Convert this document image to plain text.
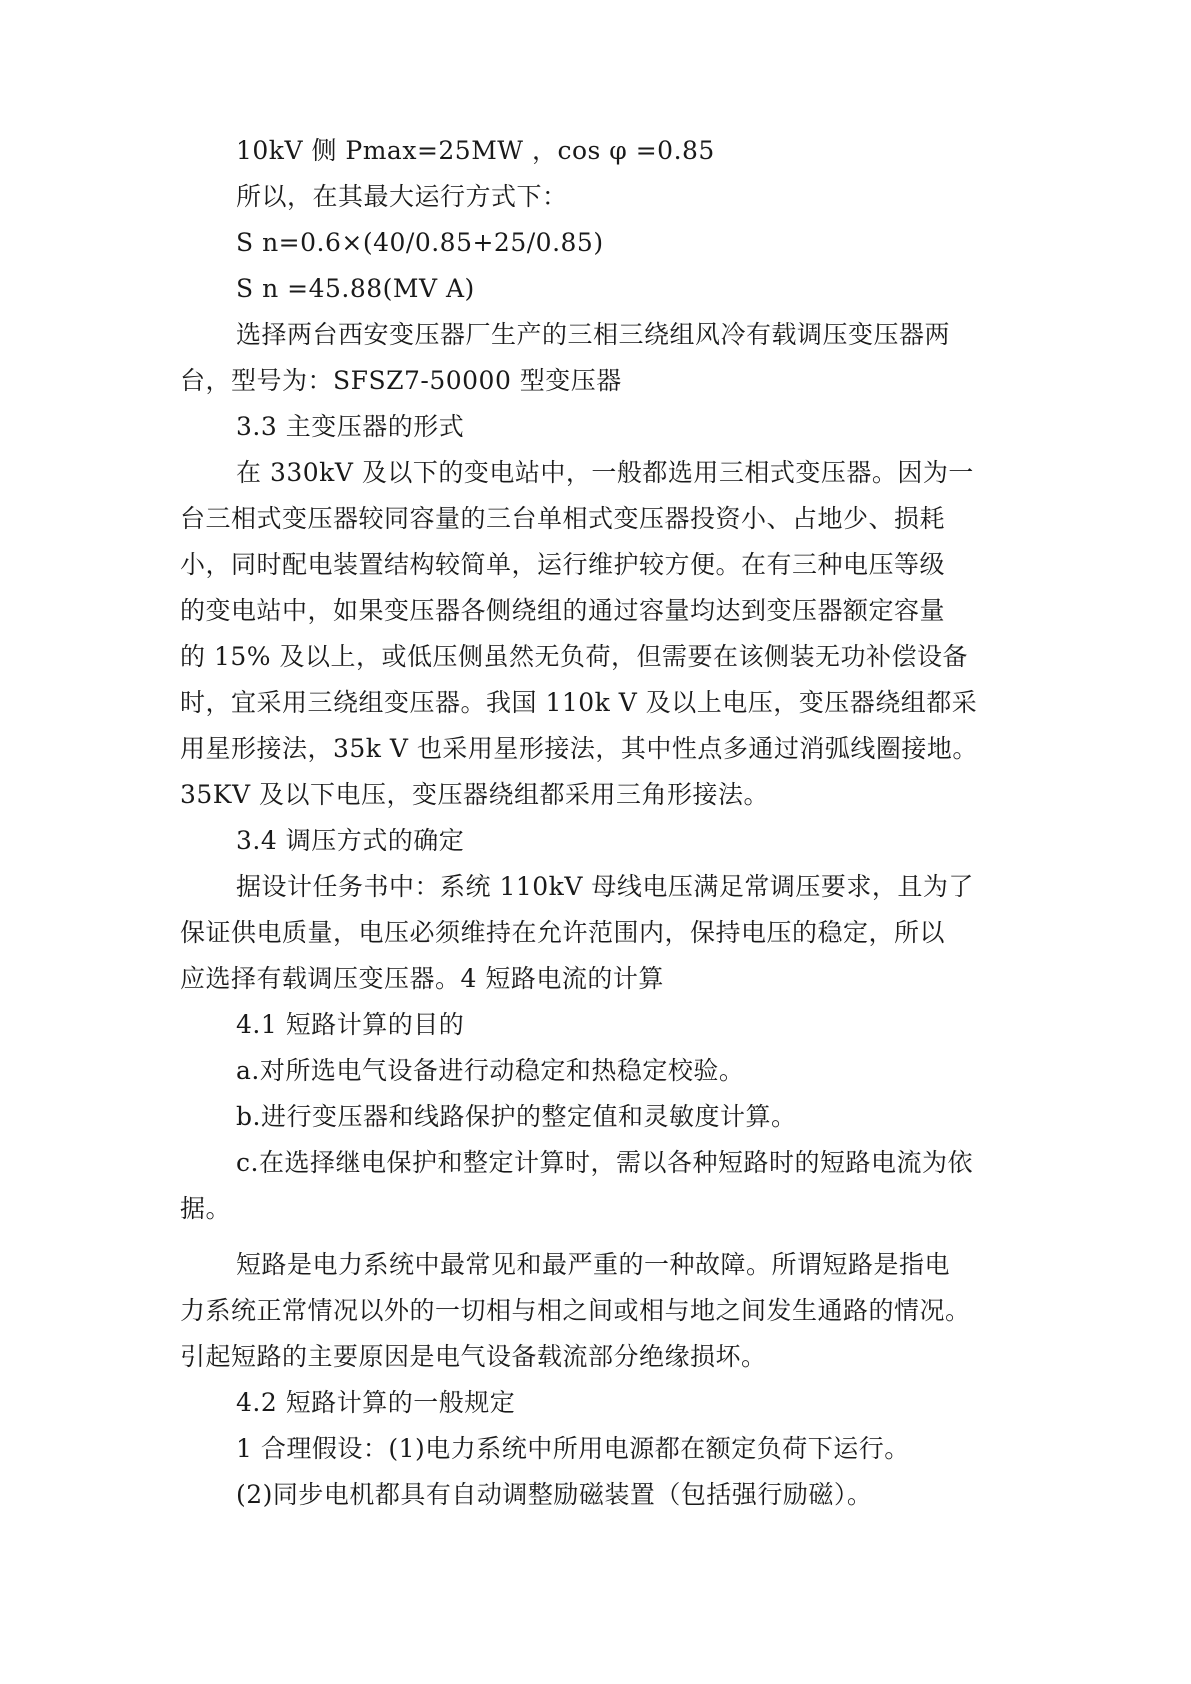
10kV 侧 Pmax=25MW ，cos φ =0.85
所以，在其最大运行方式下：
S n=0.6×(40/0.85+25/0.85)
S n =45.88(MV A)
选择两台西安变压器厂生产的三相三绕组风冷有载调压变压器两
台，型号为：SFSZ7-50000 型变压器
3.3 主变压器的形式
在 330kV 及以下的变电站中，一般都选用三相式变压器。因为一
台三相式变压器较同容量的三台单相式变压器投资小、占地少、损耗
小，同时配电装置结构较简单，运行维护较方便。在有三种电压等级
的变电站中，如果变压器各侧绕组的通过容量均达到变压器额定容量
的 15% 及以上，或低压侧虽然无负荷，但需要在该侧装无功补偿设备
时，宜采用三绕组变压器。我国 110k V 及以上电压，变压器绕组都采
用星形接法，35k V 也采用星形接法，其中性点多通过消弧线圈接地。
35KV 及以下电压，变压器绕组都采用三角形接法。
3.4 调压方式的确定
据设计任务书中：系统 110kV 母线电压满足常调压要求，且为了
保证供电质量，电压必须维持在允许范围内，保持电压的稳定，所以
应选择有载调压变压器。4 短路电流的计算
4.1 短路计算的目的
a.对所选电气设备进行动稳定和热稳定校验。
b.进行变压器和线路保护的整定值和灵敏度计算。
c.在选择继电保护和整定计算时，需以各种短路时的短路电流为依
据。
短路是电力系统中最常见和最严重的一种故障。所谓短路是指电
力系统正常情况以外的一切相与相之间或相与地之间发生通路的情况。
引起短路的主要原因是电气设备载流部分绝缘损坏。
4.2 短路计算的一般规定
1 合理假设：(1)电力系统中所用电源都在额定负荷下运行。
(2)同步电机都具有自动调整励磁装置（包括强行励磁）。
